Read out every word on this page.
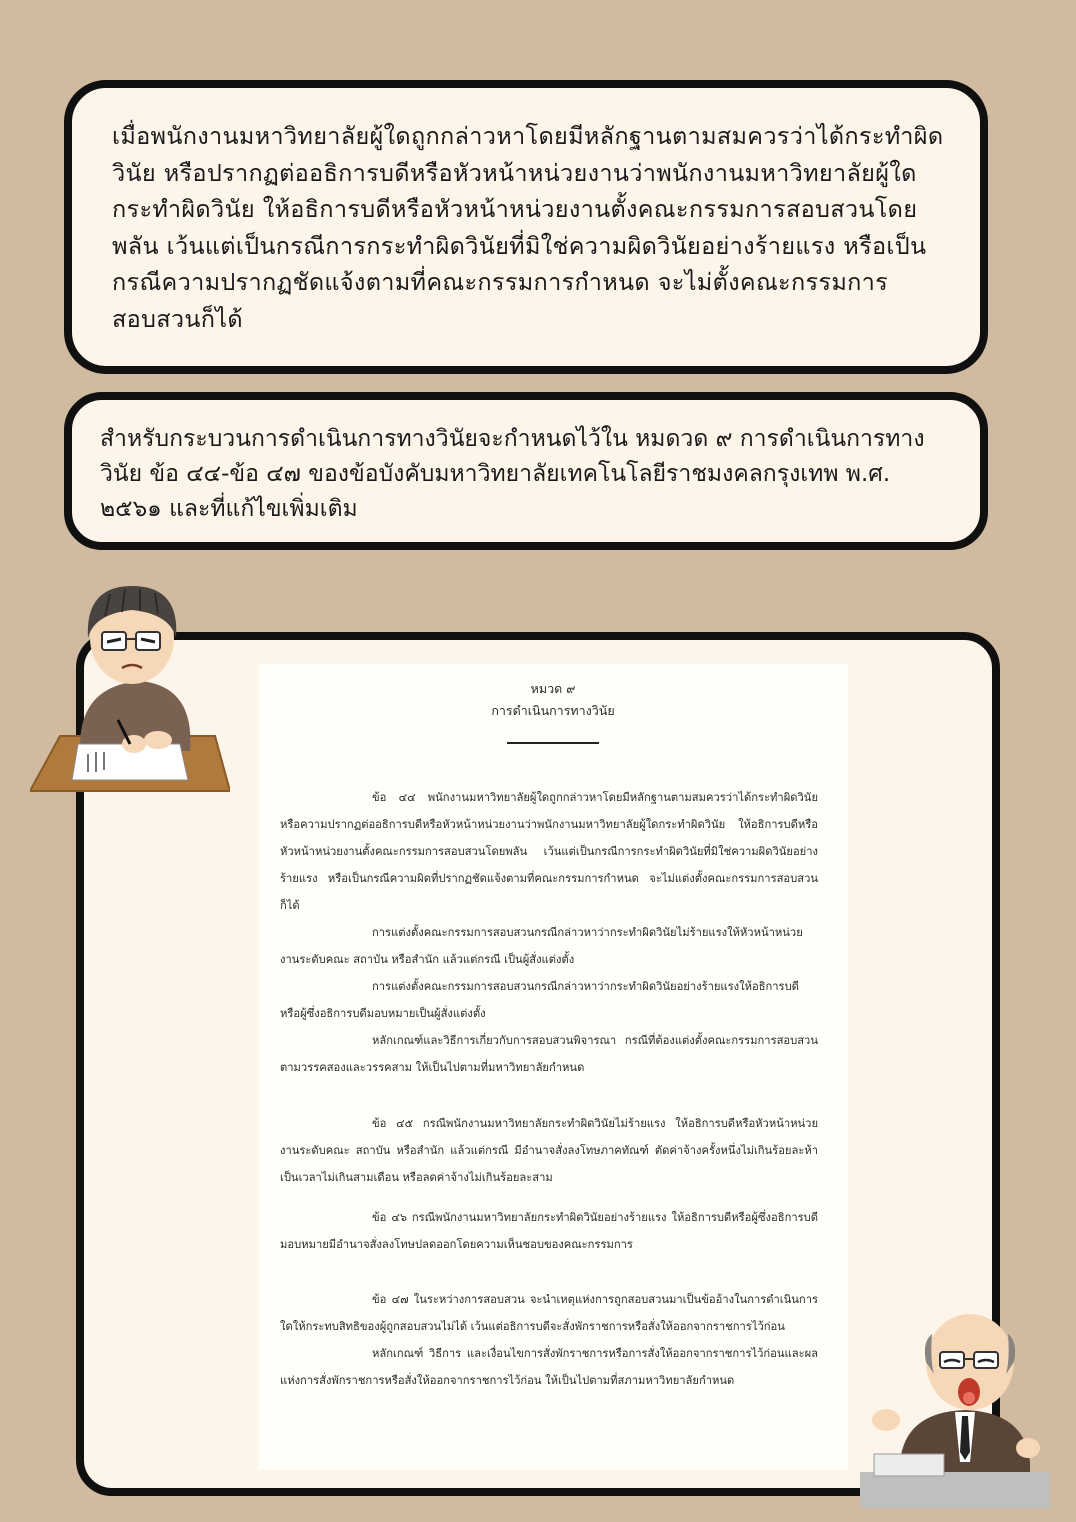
เมื่อพนักงานมหาวิทยาลัยผู้ใดถูกกล่าวหาโดยมีหลักฐานตามสมควรว่าได้กระทำผิดวินัย หรือปรากฏต่ออธิการบดีหรือหัวหน้าหน่วยงานว่าพนักงานมหาวิทยาลัยผู้ใดกระทำผิดวินัย ให้อธิการบดีหรือหัวหน้าหน่วยงานตั้งคณะกรรมการสอบสวนโดยพลัน เว้นแต่เป็นกรณีการกระทำผิดวินัยที่มิใช่ความผิดวินัยอย่างร้ายแรง หรือเป็นกรณีความปรากฏชัดแจ้งตามที่คณะกรรมการกำหนด จะไม่ตั้งคณะกรรมการสอบสวนก็ได้

สำหรับกระบวนการดำเนินการทางวินัยจะกำหนดไว้ใน หมดวด ๙ การดำเนินการทางวินัย ข้อ ๔๔-ข้อ ๔๗ ของข้อบังคับมหาวิทยาลัยเทคโนโลยีราชมงคลกรุงเทพ พ.ศ. ๒๕๖๑ และที่แก้ไขเพิ่มเติม

หมวด ๙
การดำเนินการทางวินัย

ข้อ ๔๔ พนักงานมหาวิทยาลัยผู้ใดถูกกล่าวหาโดยมีหลักฐานตามสมควรว่าได้กระทำผิดวินัย หรือความปรากฏต่ออธิการบดีหรือหัวหน้าหน่วยงานว่าพนักงานมหาวิทยาลัยผู้ใดกระทำผิดวินัย ให้อธิการบดีหรือหัวหน้าหน่วยงานตั้งคณะกรรมการสอบสวนโดยพลัน เว้นแต่เป็นกรณีการกระทำผิดวินัยที่มิใช่ความผิดวินัยอย่างร้ายแรง หรือเป็นกรณีความผิดที่ปรากฏชัดแจ้งตามที่คณะกรรมการกำหนด จะไม่แต่งตั้งคณะกรรมการสอบสวนก็ได้

การแต่งตั้งคณะกรรมการสอบสวนกรณีกล่าวหาว่ากระทำผิดวินัยไม่ร้ายแรงให้หัวหน้าหน่วยงานระดับคณะ สถาบัน หรือสำนัก แล้วแต่กรณี เป็นผู้สั่งแต่งตั้ง

การแต่งตั้งคณะกรรมการสอบสวนกรณีกล่าวหาว่ากระทำผิดวินัยอย่างร้ายแรงให้อธิการบดีหรือผู้ซึ่งอธิการบดีมอบหมายเป็นผู้สั่งแต่งตั้ง

หลักเกณฑ์และวิธีการเกี่ยวกับการสอบสวนพิจารณา กรณีที่ต้องแต่งตั้งคณะกรรมการสอบสวนตามวรรคสองและวรรคสาม ให้เป็นไปตามที่มหาวิทยาลัยกำหนด

ข้อ ๔๕ กรณีพนักงานมหาวิทยาลัยกระทำผิดวินัยไม่ร้ายแรง ให้อธิการบดีหรือหัวหน้าหน่วยงานระดับคณะ สถาบัน หรือสำนัก แล้วแต่กรณี มีอำนาจสั่งลงโทษภาคทัณฑ์ ตัดค่าจ้างครั้งหนึ่งไม่เกินร้อยละห้าเป็นเวลาไม่เกินสามเดือน หรือลดค่าจ้างไม่เกินร้อยละสาม

ข้อ ๔๖ กรณีพนักงานมหาวิทยาลัยกระทำผิดวินัยอย่างร้ายแรง ให้อธิการบดีหรือผู้ซึ่งอธิการบดีมอบหมายมีอำนาจสั่งลงโทษปลดออกโดยความเห็นชอบของคณะกรรมการ

ข้อ ๔๗ ในระหว่างการสอบสวน จะนำเหตุแห่งการถูกสอบสวนมาเป็นข้ออ้างในการดำเนินการใดให้กระทบสิทธิของผู้ถูกสอบสวนไม่ได้ เว้นแต่อธิการบดีจะสั่งพักราชการหรือสั่งให้ออกจากราชการไว้ก่อน

หลักเกณฑ์ วิธีการ และเงื่อนไขการสั่งพักราชการหรือการสั่งให้ออกจากราชการไว้ก่อนและผลแห่งการสั่งพักราชการหรือสั่งให้ออกจากราชการไว้ก่อน ให้เป็นไปตามที่สภามหาวิทยาลัยกำหนด
